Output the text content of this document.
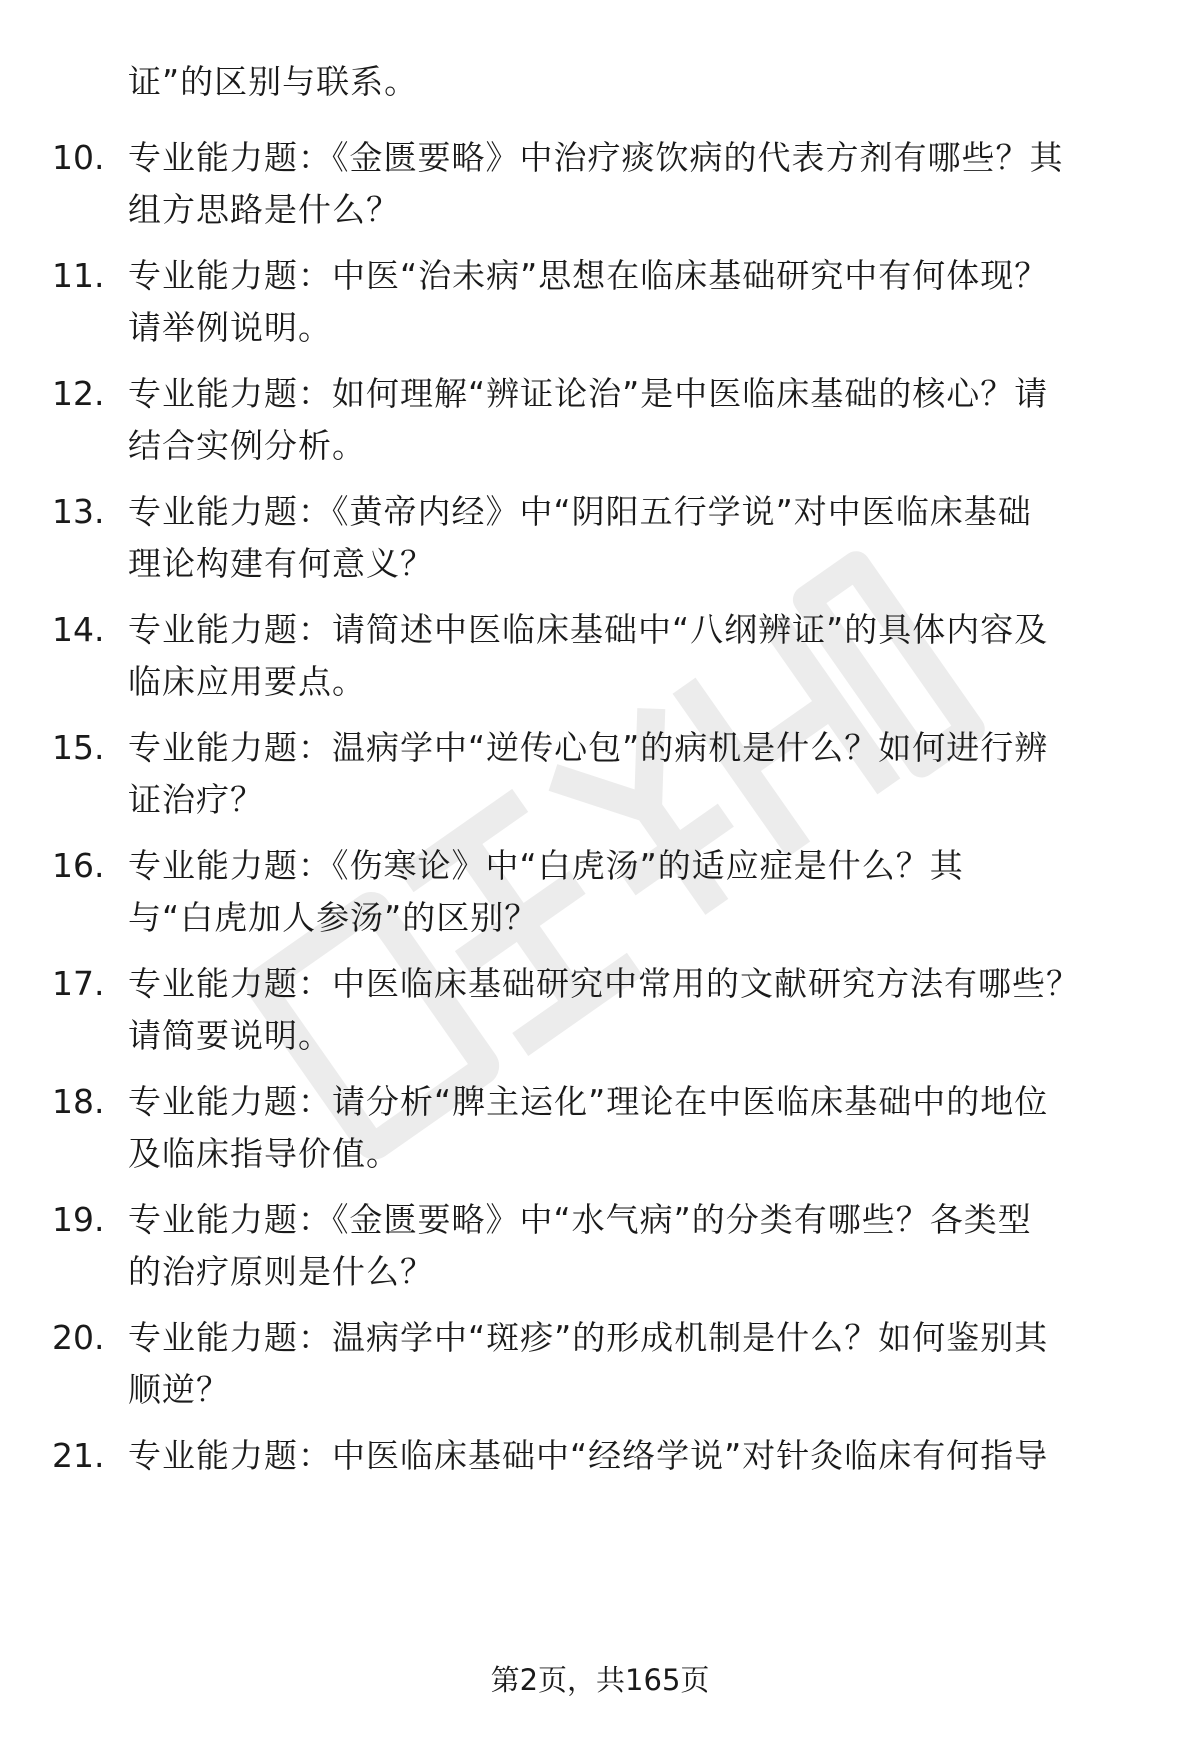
证”的区别与联系。
10. 专业能力题：《金匮要略》中治疗痰饮病的代表方剂有哪些？其
组方思路是什么？
11. 专业能力题：中医“治未病”思想在临床基础研究中有何体现？
请举例说明。
12. 专业能力题：如何理解“辨证论治”是中医临床基础的核心？请
结合实例分析。
13. 专业能力题：《黄帝内经》中“阴阳五行学说”对中医临床基础
理论构建有何意义？
14. 专业能力题：请简述中医临床基础中“八纲辨证”的具体内容及
临床应用要点。
15. 专业能力题：温病学中“逆传心包”的病机是什么？如何进行辨
证治疗？
16. 专业能力题：《伤寒论》中“白虎汤”的适应症是什么？其
与“白虎加人参汤”的区别？
17. 专业能力题：中医临床基础研究中常用的文献研究方法有哪些？
请简要说明。
18. 专业能力题：请分析“脾主运化”理论在中医临床基础中的地位
及临床指导价值。
19. 专业能力题：《金匮要略》中“水气病”的分类有哪些？各类型
的治疗原则是什么？
20. 专业能力题：温病学中“斑疹”的形成机制是什么？如何鉴别其
顺逆？
21. 专业能力题：中医临床基础中“经络学说”对针灸临床有何指导
第2页，共165页
